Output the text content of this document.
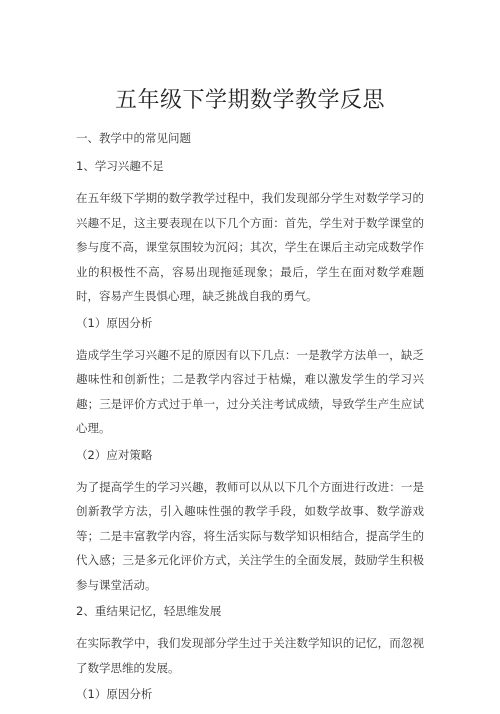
五年级下学期数学教学反思

一、教学中的常见问题

1、学习兴趣不足

在五年级下学期的数学教学过程中，我们发现部分学生对数学学习的兴趣不足，这主要表现在以下几个方面：首先，学生对于数学课堂的参与度不高，课堂氛围较为沉闷；其次，学生在课后主动完成数学作业的积极性不高，容易出现拖延现象；最后，学生在面对数学难题时，容易产生畏惧心理，缺乏挑战自我的勇气。

（1）原因分析

造成学生学习兴趣不足的原因有以下几点：一是教学方法单一，缺乏趣味性和创新性；二是教学内容过于枯燥，难以激发学生的学习兴趣；三是评价方式过于单一，过分关注考试成绩，导致学生产生应试心理。

（2）应对策略

为了提高学生的学习兴趣，教师可以从以下几个方面进行改进：一是创新教学方法，引入趣味性强的教学手段，如数学故事、数学游戏等；二是丰富教学内容，将生活实际与数学知识相结合，提高学生的代入感；三是多元化评价方式，关注学生的全面发展，鼓励学生积极参与课堂活动。

2、重结果记忆，轻思维发展

在实际教学中，我们发现部分学生过于关注数学知识的记忆，而忽视了数学思维的发展。

（1）原因分析
